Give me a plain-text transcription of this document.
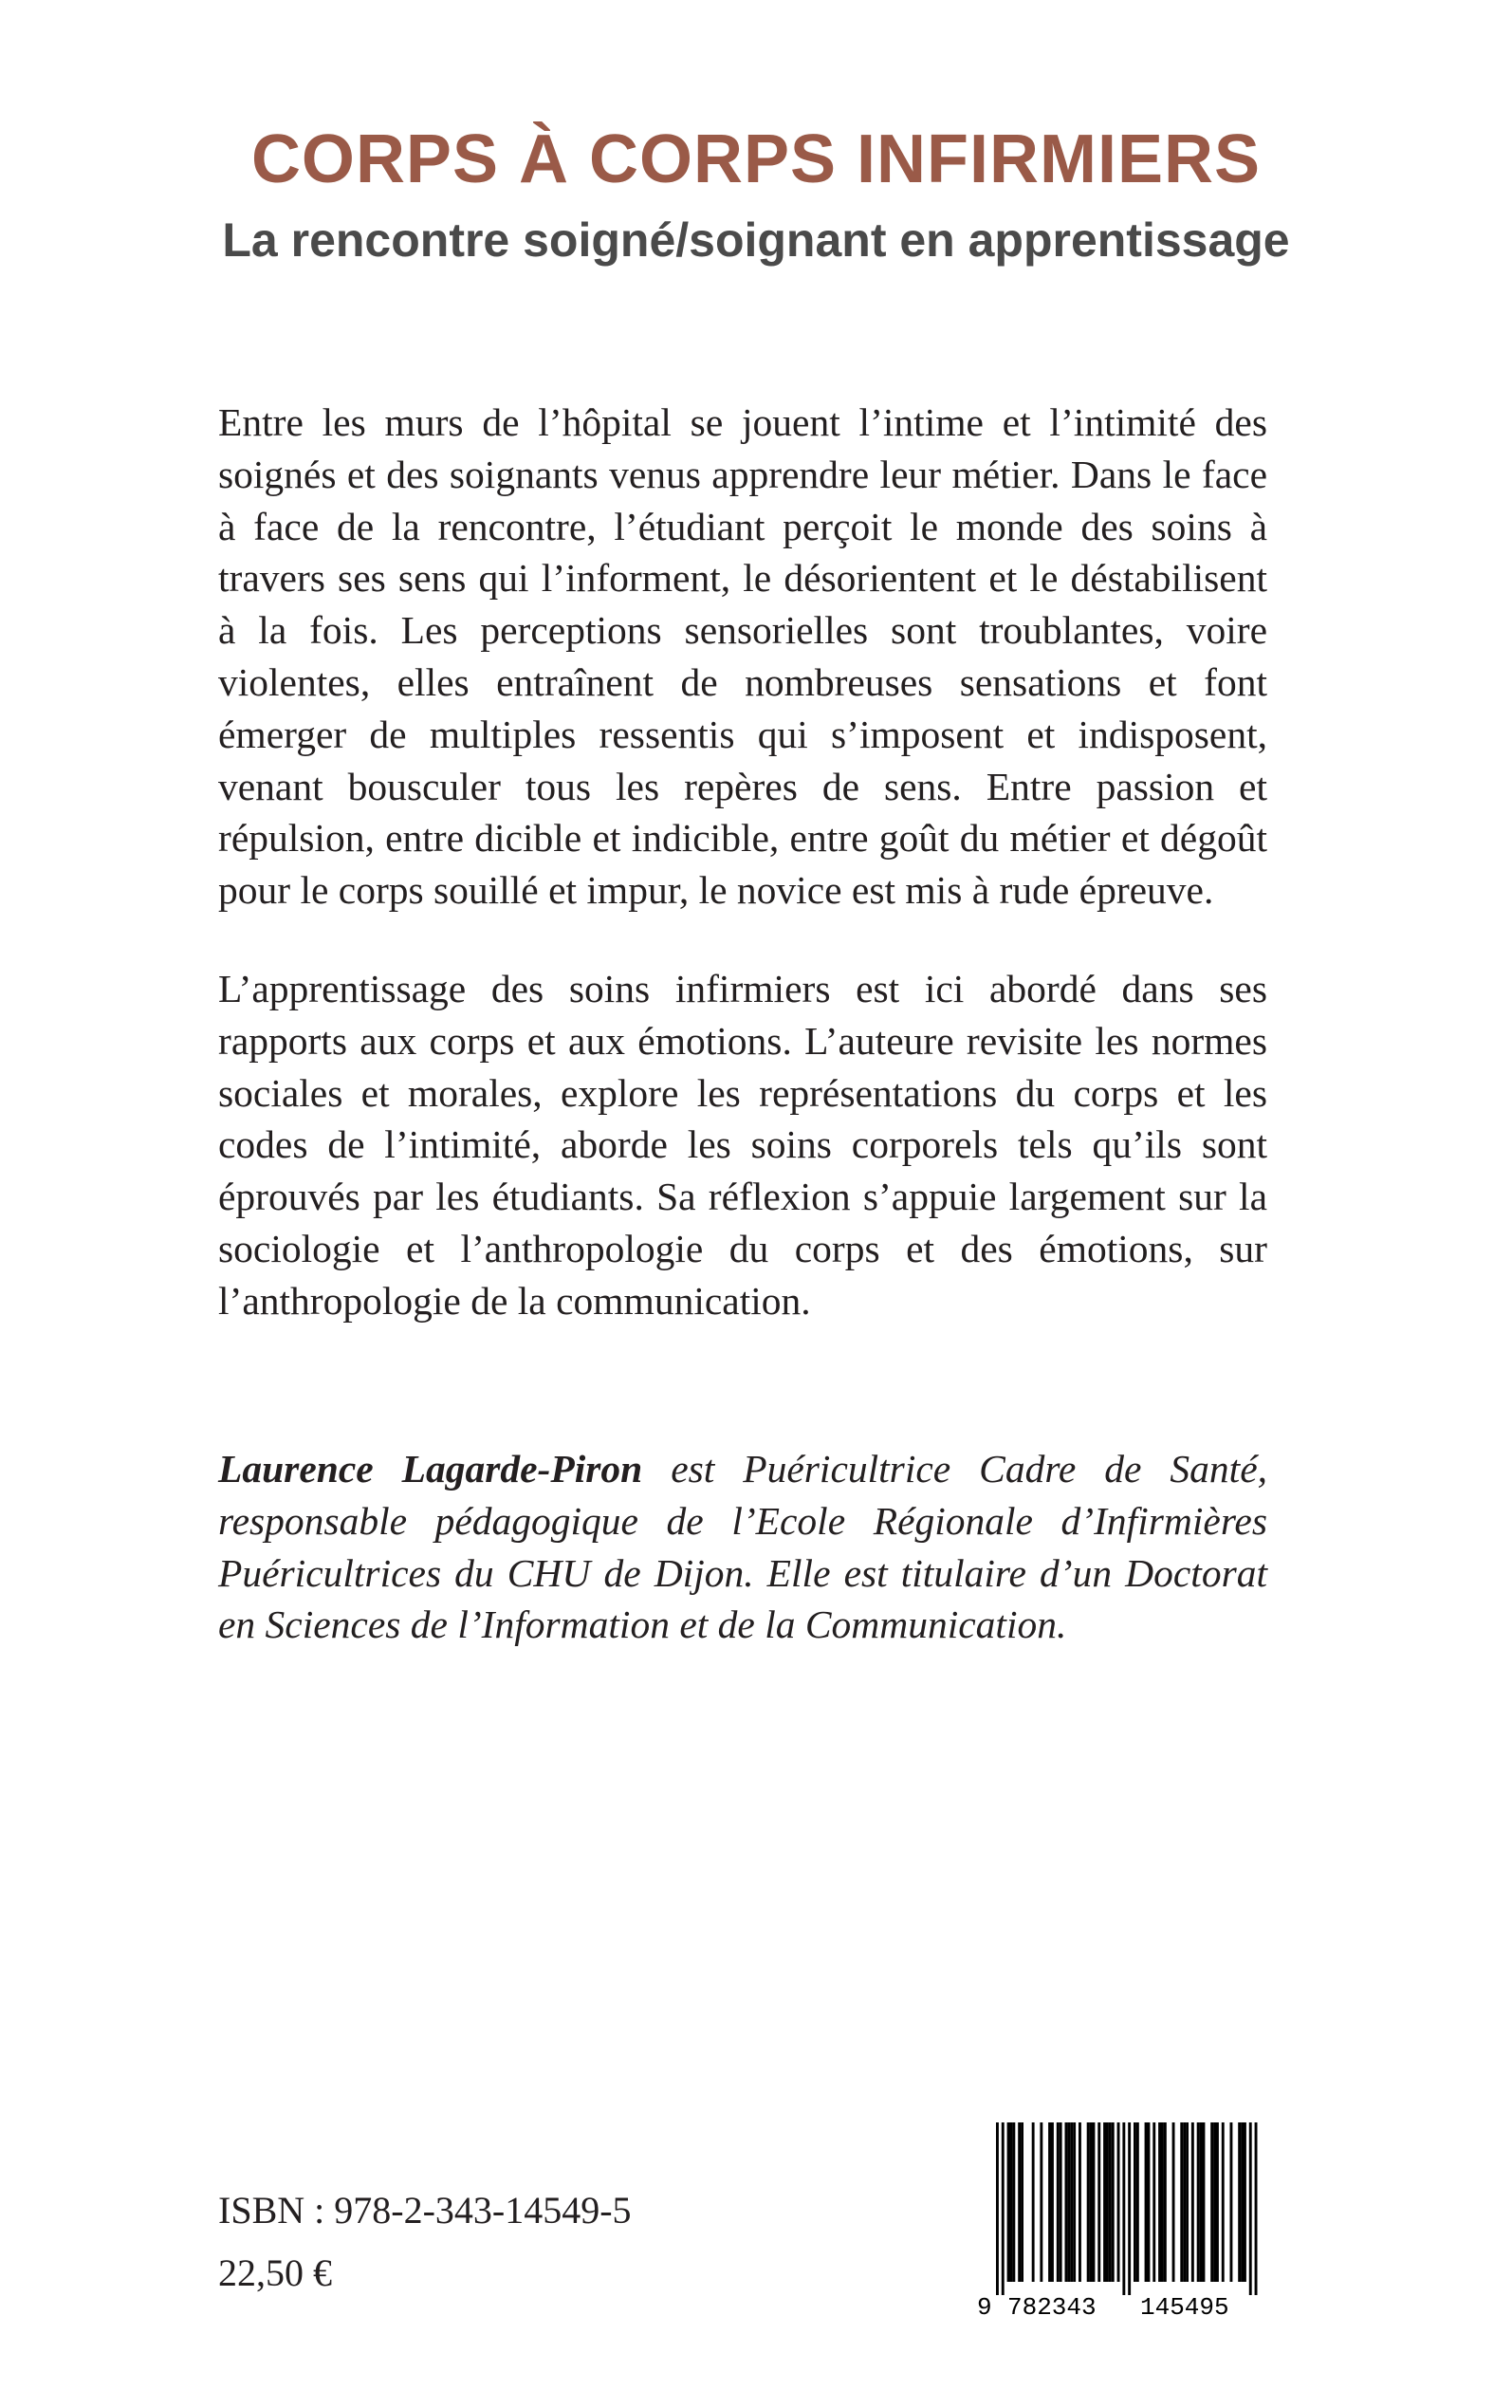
CORPS À CORPS INFIRMIERS
La rencontre soigné/soignant en apprentissage

Entre les murs de l’hôpital se jouent l’intime et l’intimité des soignés et des soignants venus apprendre leur métier. Dans le face à face de la rencontre, l’étudiant perçoit le monde des soins à travers ses sens qui l’informent, le désorientent et le déstabilisent à la fois. Les perceptions sensorielles sont troublantes, voire violentes, elles entraînent de nombreuses sensations et font émerger de multiples ressentis qui s’imposent et indisposent, venant bousculer tous les repères de sens. Entre passion et répulsion, entre dicible et indicible, entre goût du métier et dégoût pour le corps souillé et impur, le novice est mis à rude épreuve.

L’apprentissage des soins infirmiers est ici abordé dans ses rapports aux corps et aux émotions. L’auteure revisite les normes sociales et morales, explore les représentations du corps et les codes de l’intimité, aborde les soins corporels tels qu’ils sont éprouvés par les étudiants. Sa réflexion s’appuie largement sur la sociologie et l’anthropologie du corps et des émotions, sur l’anthropologie de la communication.

Laurence Lagarde-Piron est Puéricultrice Cadre de Santé, responsable pédagogique de l’Ecole Régionale d’Infirmières Puéricultrices du CHU de Dijon. Elle est titulaire d’un Doctorat en Sciences de l’Information et de la Communication.

ISBN : 978-2-343-14549-5

22,50 €

9 782343 145495
